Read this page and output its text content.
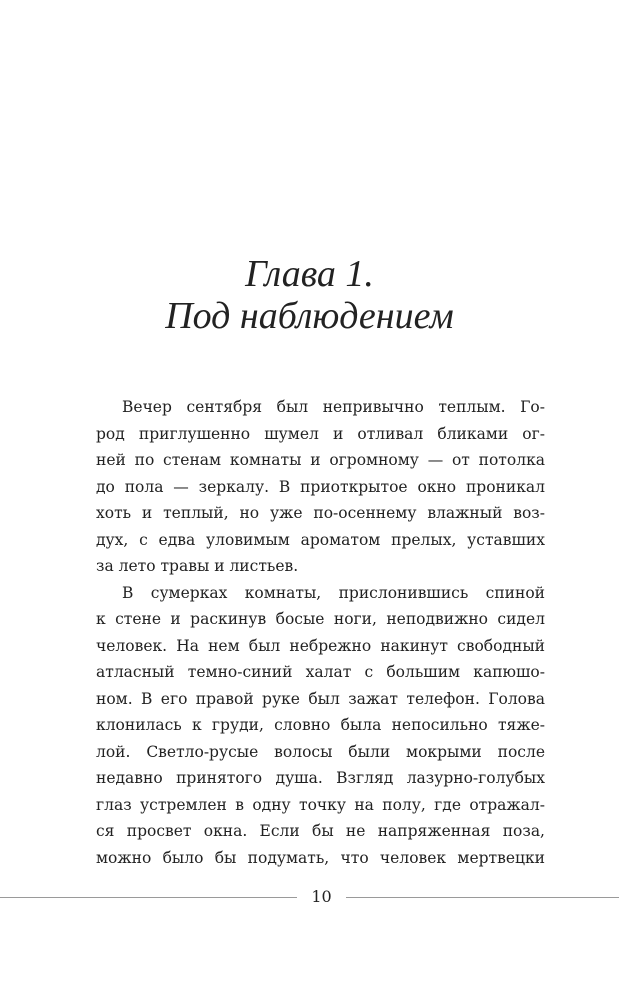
Глава 1.
Под наблюдением
Вечер сентября был непривычно теплым. Го-
род приглушенно шумел и отливал бликами ог-
ней по стенам комнаты и огромному — от потолка
до пола — зеркалу. В приоткрытое окно проникал
хоть и теплый, но уже по-осеннему влажный воз-
дух, с едва уловимым ароматом прелых, уставших
за лето травы и листьев.
В сумерках комнаты, прислонившись спиной
к стене и раскинув босые ноги, неподвижно сидел
человек. На нем был небрежно накинут свободный
атласный темно-синий халат с большим капюшо-
ном. В его правой руке был зажат телефон. Голова
клонилась к груди, словно была непосильно тяже-
лой. Светло-русые волосы были мокрыми после
недавно принятого душа. Взгляд лазурно-голубых
глаз устремлен в одну точку на полу, где отражал-
ся просвет окна. Если бы не напряженная поза,
можно было бы подумать, что человек мертвецки
10
